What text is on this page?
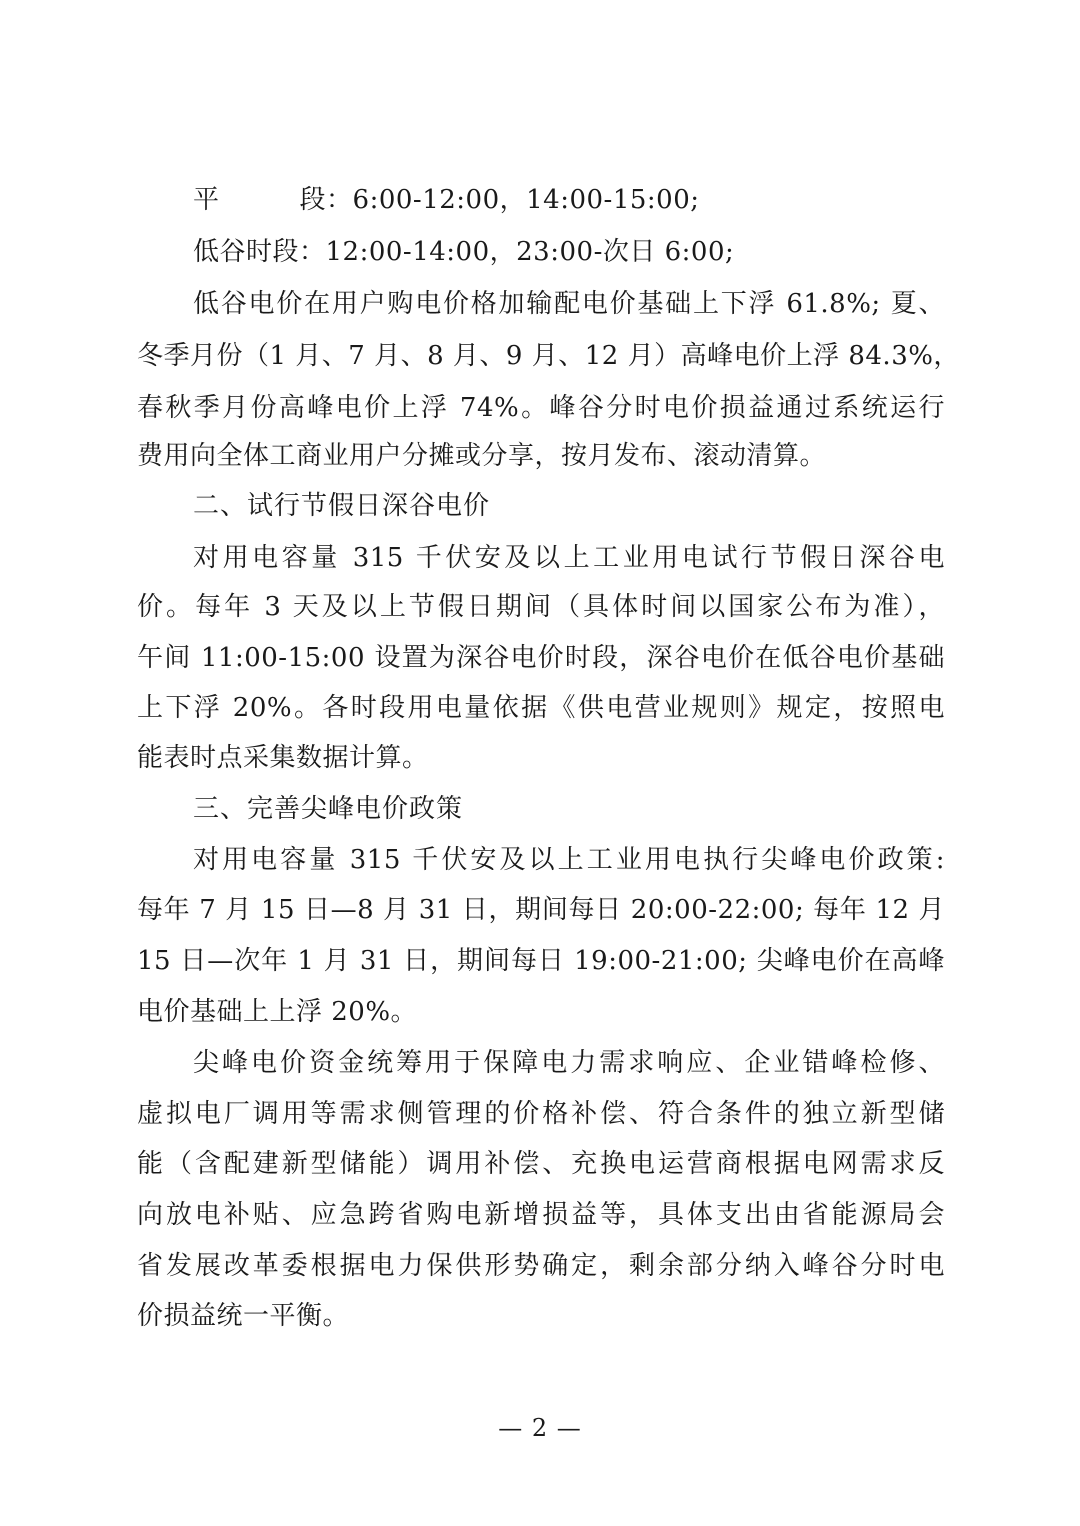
平	段：6:00-12:00，14:00-15:00;
低谷时段：12:00-14:00，23:00-次日 6:00;
低谷电价在用户购电价格加输配电价基础上下浮 61.8%; 夏、
冬季月份（1 月、7 月、8 月、9 月、12 月）高峰电价上浮 84.3%，
春秋季月份高峰电价上浮 74%。峰谷分时电价损益通过系统运行
费用向全体工商业用户分摊或分享，按月发布、滚动清算。
二、试行节假日深谷电价
对用电容量 315 千伏安及以上工业用电试行节假日深谷电
价。每年 3 天及以上节假日期间（具体时间以国家公布为准），
午间 11:00-15:00 设置为深谷电价时段，深谷电价在低谷电价基础
上下浮 20%。各时段用电量依据《供电营业规则》规定，按照电
能表时点采集数据计算。
三、完善尖峰电价政策
对用电容量 315 千伏安及以上工业用电执行尖峰电价政策:
每年 7 月 15 日—8 月 31 日，期间每日 20:00-22:00; 每年 12 月
15 日—次年 1 月 31 日，期间每日 19:00-21:00; 尖峰电价在高峰
电价基础上上浮 20%。
尖峰电价资金统筹用于保障电力需求响应、企业错峰检修、
虚拟电厂调用等需求侧管理的价格补偿、符合条件的独立新型储
能（含配建新型储能）调用补偿、充换电运营商根据电网需求反
向放电补贴、应急跨省购电新增损益等，具体支出由省能源局会
省发展改革委根据电力保供形势确定，剩余部分纳入峰谷分时电
价损益统一平衡。
— 2 —
